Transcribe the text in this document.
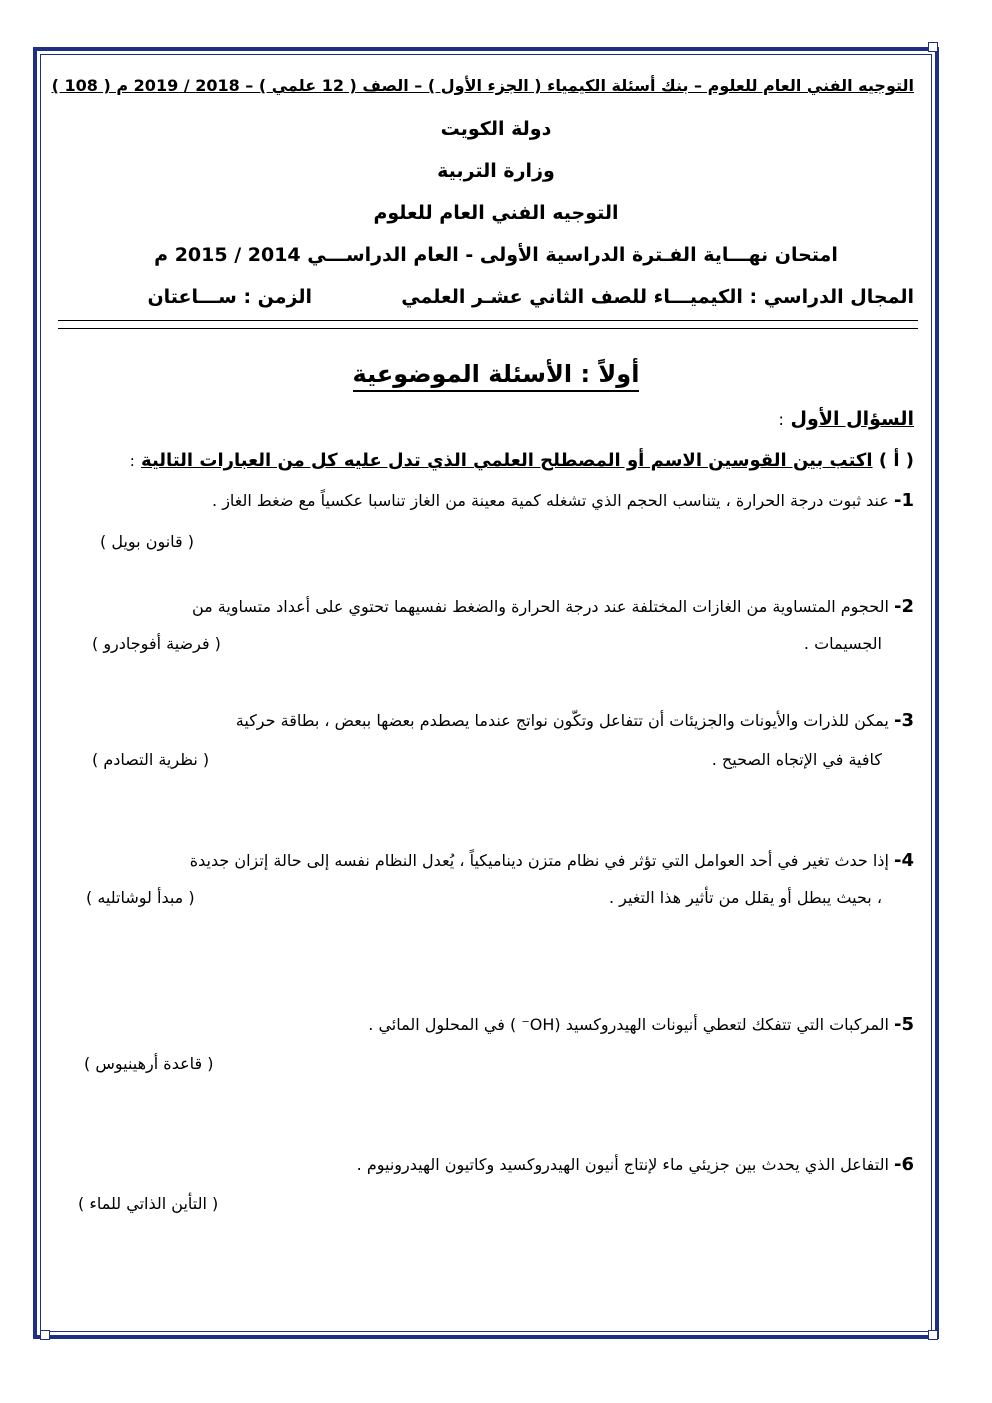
التوجيه الفني العام للعلوم – بنك أسئلة الكيمياء ( الجزء الأول ) – الصف ( 12 علمي ) – 2018 / 2019 م ( 108 )
دولة الكويت
وزارة التربية
التوجيه الفني العام للعلوم
امتحان نهـــاية الفـترة الدراسية الأولى - العام الدراســـي 2014 / 2015 م
المجال الدراسي : الكيميـــاء للصف الثاني عشـر العلمي
الزمن : ســـاعتان
أولاً : الأسئلة الموضوعية
السؤال الأول :
( أ ) اكتب بين القوسين الاسم أو المصطلح العلمي الذي تدل عليه كل من العبارات التالية :
1- عند ثبوت درجة الحرارة ، يتناسب الحجم الذي تشغله كمية معينة من الغاز تناسبا عكسياً مع ضغط الغاز .
( قانون بويل )
2- الحجوم المتساوية من الغازات المختلفة عند درجة الحرارة والضغط نفسيهما تحتوي على أعداد متساوية من
الجسيمات .
( فرضية أفوجادرو )
3- يمكن للذرات والأيونات والجزيئات أن تتفاعل وتكّون نواتج عندما يصطدم بعضها ببعض ، بطاقة حركية
كافية في الإتجاه الصحيح .
( نظرية التصادم )
4- إذا حدث تغير في أحد العوامل التي تؤثر في نظام متزن ديناميكياً ، يُعدل النظام نفسه إلى حالة إتزان جديدة
، بحيث يبطل أو يقلل من تأثير هذا التغير .
( مبدأ لوشاتليه )
5- المركبات التي تتفكك لتعطي أنيونات الهيدروكسيد (OH⁻ ) في المحلول المائي .
( قاعدة أرهينيوس )
6- التفاعل الذي يحدث بين جزيئي ماء لإنتاج أنيون الهيدروكسيد وكاتيون الهيدرونيوم .
( التأين الذاتي للماء )
